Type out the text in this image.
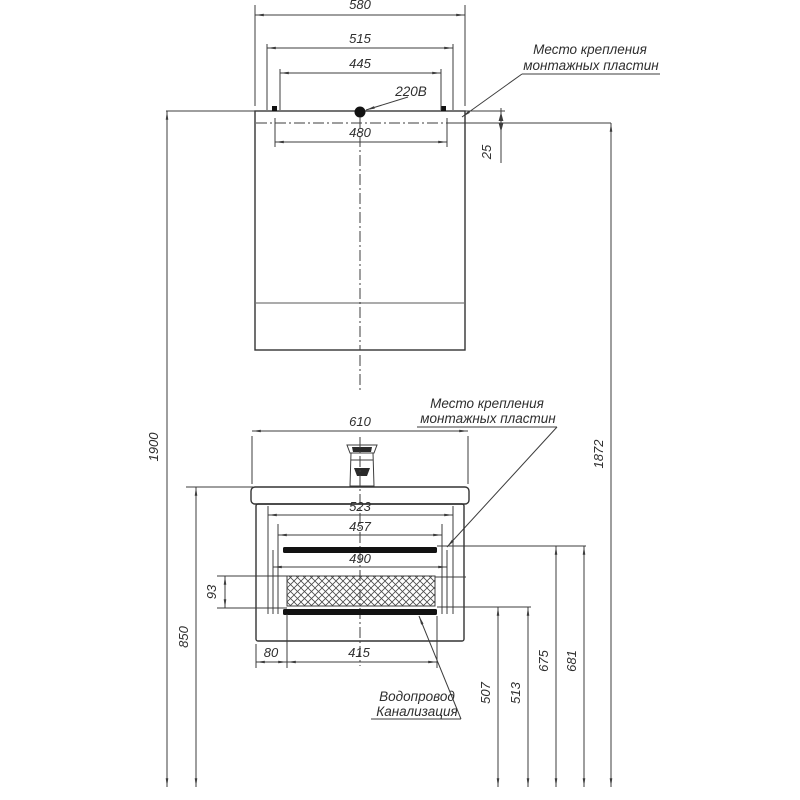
580
515
445
480
25
Место крепления
монтажных пластин
220В
Место крепления
монтажных пластин
610
523
457
490
93
80	415
Водопровод
Канализация
1900
850
1872
675 681
507 513
